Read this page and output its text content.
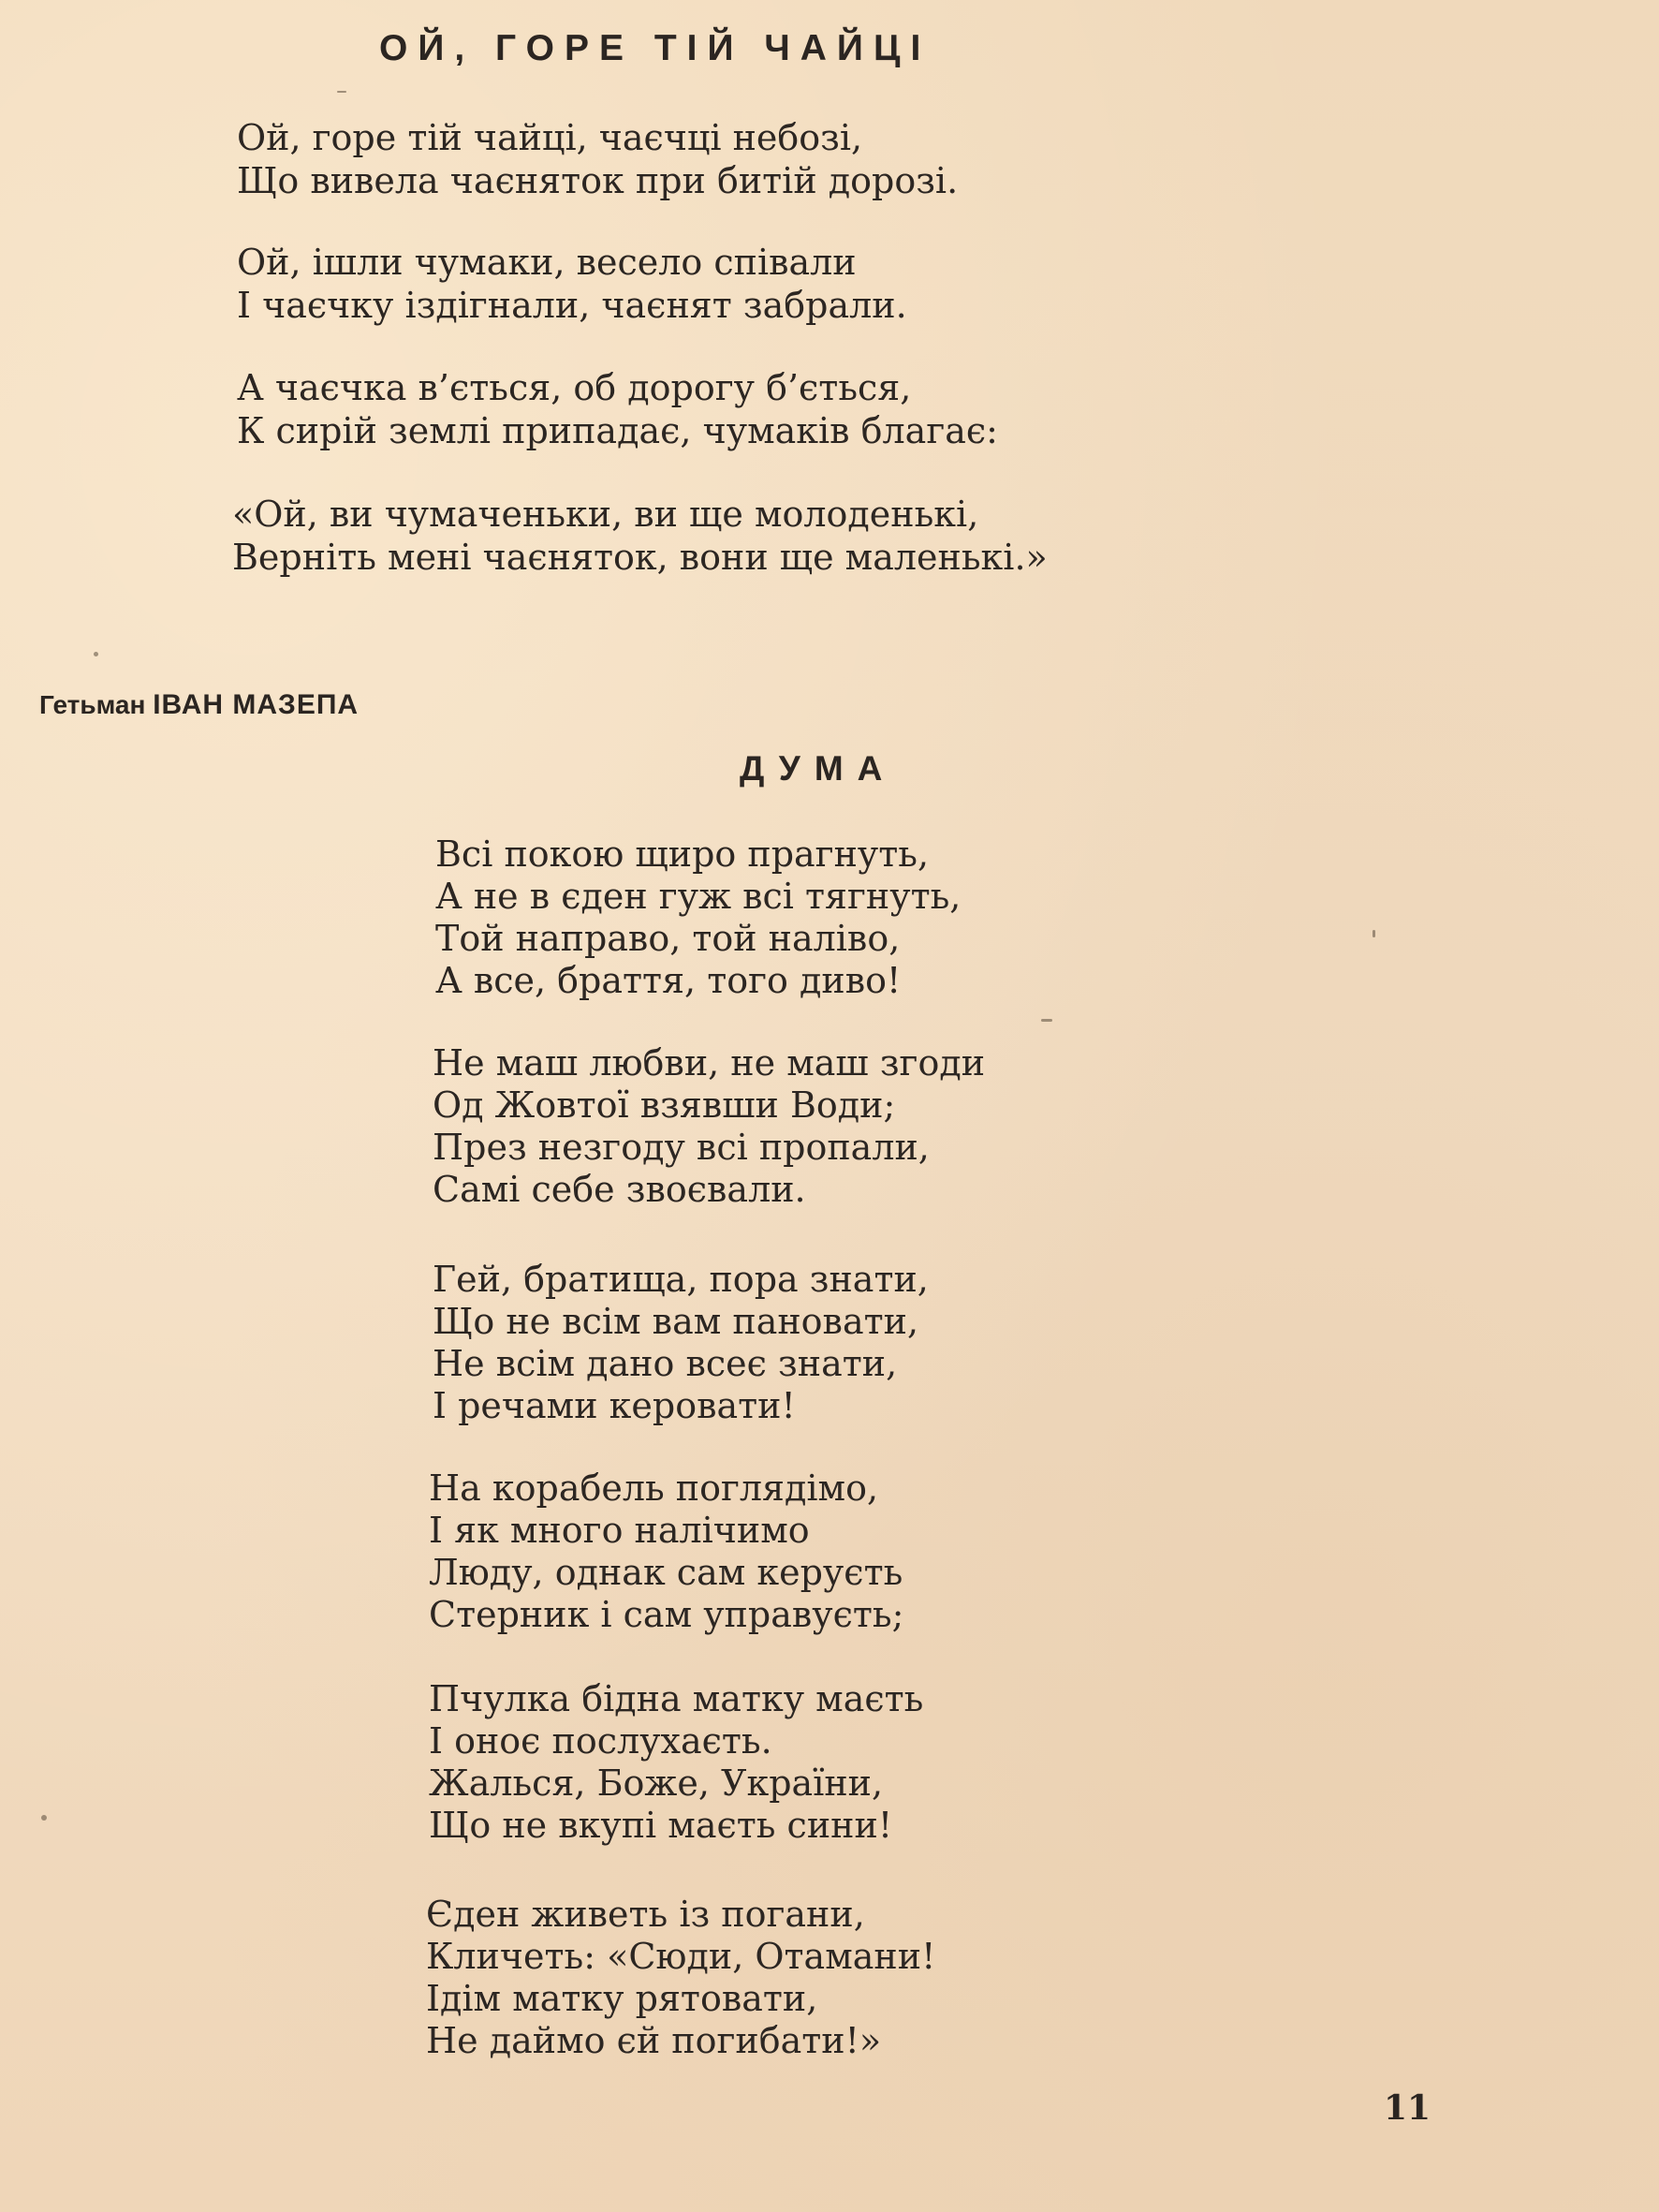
ОЙ, ГОРЕ ТІЙ ЧАЙЦІ
Ой, горе тій чайці, чаєчці небозі,
Що вивела чаєняток при битій дорозі.
Ой, ішли чумаки, весело співали
І чаєчку іздігнали, чаєнят забрали.
А чаєчка в’ється, об дорогу б’ється,
К сирій землі припадає, чумаків благає:
«Ой, ви чумаченьки, ви ще молоденькі,
Верніть мені чаєняток, вони ще маленькі.»
Гетьман ІВАН МАЗЕПА
ДУМА
Всі покою щиро прагнуть,
А не в єден гуж всі тягнуть,
Той направо, той наліво,
А все, браття, того диво!
Не маш любви, не маш згоди
Од Жовтої взявши Води;
През незгоду всі пропали,
Самі себе звоєвали.
Гей, братища, пора знати,
Що не всім вам пановати,
Не всім дано всеє знати,
І речами керовати!
На корабель поглядімо,
І як много налічимо
Люду, однак сам керуєть
Стерник і сам управуєть;
Пчулка бідна матку маєть
І оноє послухаєть.
Жалься, Боже, України,
Що не вкупі маєть сини!
Єден живеть із погани,
Кличеть: «Сюди, Отамани!
Ідім матку рятовати,
Не даймо єй погибати!»
11
